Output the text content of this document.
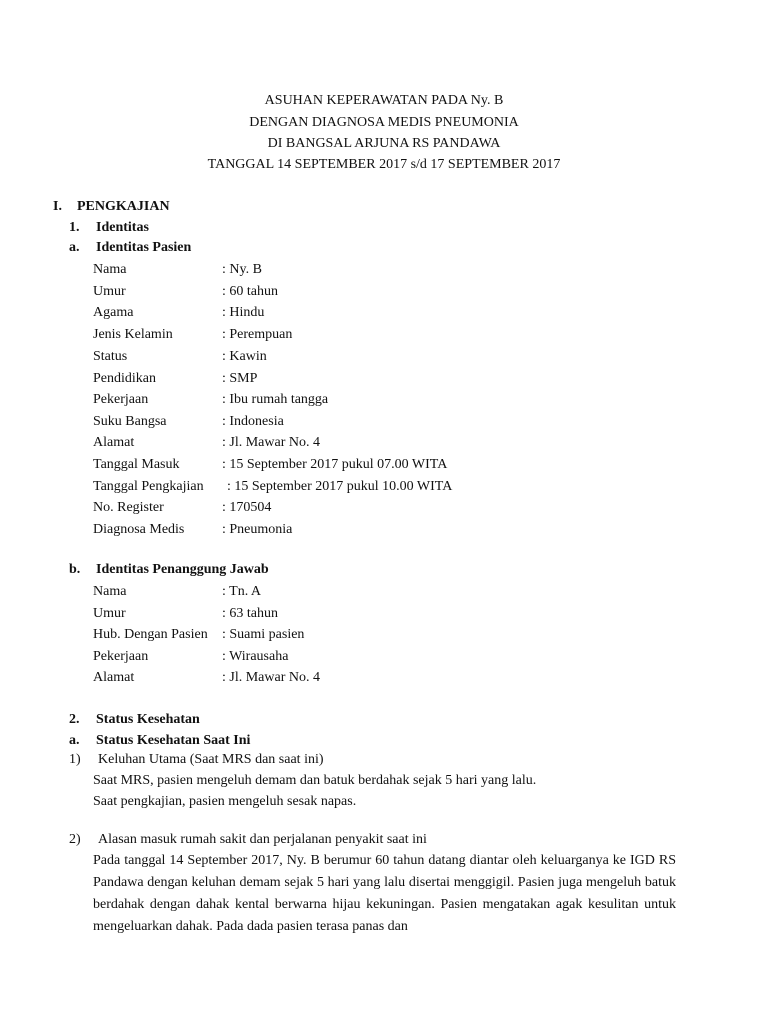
ASUHAN KEPERAWATAN PADA Ny. B
DENGAN DIAGNOSA MEDIS PNEUMONIA
DI BANGSAL ARJUNA RS PANDAWA
TANGGAL 14 SEPTEMBER 2017 s/d 17 SEPTEMBER 2017
I. PENGKAJIAN
1. Identitas
a. Identitas Pasien
Nama	: Ny. B
Umur	: 60 tahun
Agama	: Hindu
Jenis Kelamin	: Perempuan
Status	: Kawin
Pendidikan	: SMP
Pekerjaan	: Ibu rumah tangga
Suku Bangsa	: Indonesia
Alamat	: Jl. Mawar No. 4
Tanggal Masuk	: 15 September 2017 pukul 07.00 WITA
Tanggal Pengkajian : 15 September 2017 pukul 10.00 WITA
No. Register	: 170504
Diagnosa Medis	: Pneumonia
b. Identitas Penanggung Jawab
Nama	: Tn. A
Umur	: 63 tahun
Hub. Dengan Pasien : Suami pasien
Pekerjaan	: Wirausaha
Alamat	: Jl. Mawar No. 4
2. Status Kesehatan
a. Status Kesehatan Saat Ini
1) Keluhan Utama (Saat MRS dan saat ini)
Saat MRS, pasien mengeluh demam dan batuk berdahak sejak 5 hari yang lalu.
Saat pengkajian, pasien mengeluh sesak napas.
2) Alasan masuk rumah sakit dan perjalanan penyakit saat ini
Pada tanggal 14 September 2017, Ny. B berumur 60 tahun datang diantar oleh keluarganya ke IGD RS Pandawa dengan keluhan demam sejak 5 hari yang lalu disertai menggigil. Pasien juga mengeluh batuk berdahak dengan dahak kental berwarna hijau kekuningan. Pasien mengatakan agak kesulitan untuk mengeluarkan dahak. Pada dada pasien terasa panas dan
